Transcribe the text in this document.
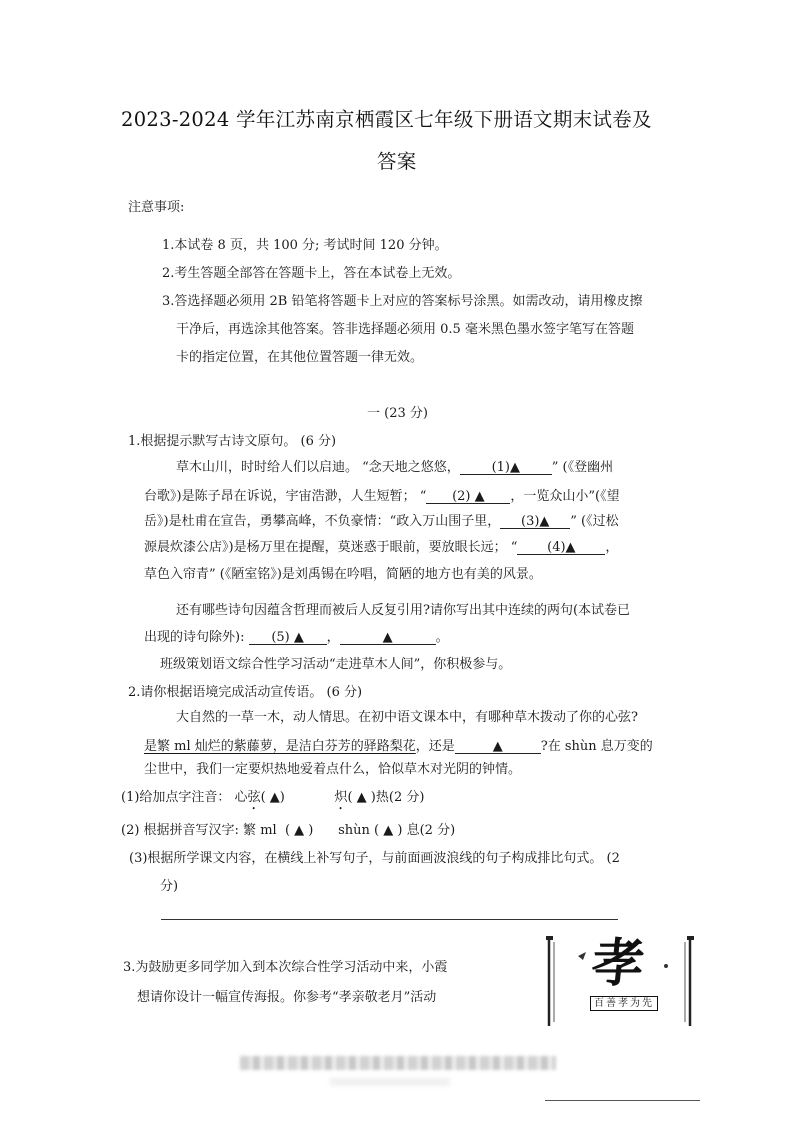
2023-2024 学年江苏南京栖霞区七年级下册语文期末试卷及
答案
注意事项:
1.本试卷 8 页，共 100 分; 考试时间 120 分钟。
2.考生答题全部答在答题卡上，答在本试卷上无效。
3.答选择题必须用 2B 铅笔将答题卡上对应的答案标号涂黑。如需改动，请用橡皮擦
干净后，再选涂其他答案。答非选择题必须用 0.5 毫米黑色墨水签字笔写在答题
卡的指定位置，在其他位置答题一律无效。
一 (23 分)
1.根据提示默写古诗文原句。 (6 分)
草木山川，时时给人们以启迪。 “念天地之悠悠， (1)▲ ” (《登幽州
台歌》)是陈子昂在诉说，宇宙浩渺，人生短暂； “ (2) ▲ ，一览众山小”(《望
岳》)是杜甫在宣告，勇攀高峰，不负豪情：“政入万山围子里， (3)▲ ” (《过松
源晨炊漆公店》)是杨万里在提醒，莫迷惑于眼前，要放眼长远； “ (4)▲ ，
草色入帘青” (《陋室铭》)是刘禹锡在吟唱，简陋的地方也有美的风景。
还有哪些诗句因蕴含哲理而被后人反复引用?请你写出其中连续的两句(本试卷已
出现的诗句除外): (5) ▲ ，	▲	。
班级策划语文综合性学习活动“走进草木人间”，你积极参与。
2.请你根据语境完成活动宣传语。 (6 分)
大自然的一草一木，动人情思。在初中语文课本中，有哪种草木拨动了你的心弦?
是繁 ml 灿烂的紫藤萝，是洁白芬芳的驿路梨花，还是	▲	?在 shùn 息万变的
尘世中，我们一定要炽热地爱着点什么，恰似草木对光阴的钟情。
(1)给加点字注音： 心弦( ▲)            炽( ▲ )热(2 分)
(2) 根据拼音写汉字: 繁 ml  ( ▲ )      shùn ( ▲ ) 息(2 分)
(3)根据所学课文内容，在横线上补写句子，与前面画波浪线的句子构成排比句式。 (2
分)
3.为鼓励更多同学加入到本次综合性学习活动中来，小霞
想请你设计一幅宣传海报。你参考“孝亲敬老月”活动
孝
百善孝为先
